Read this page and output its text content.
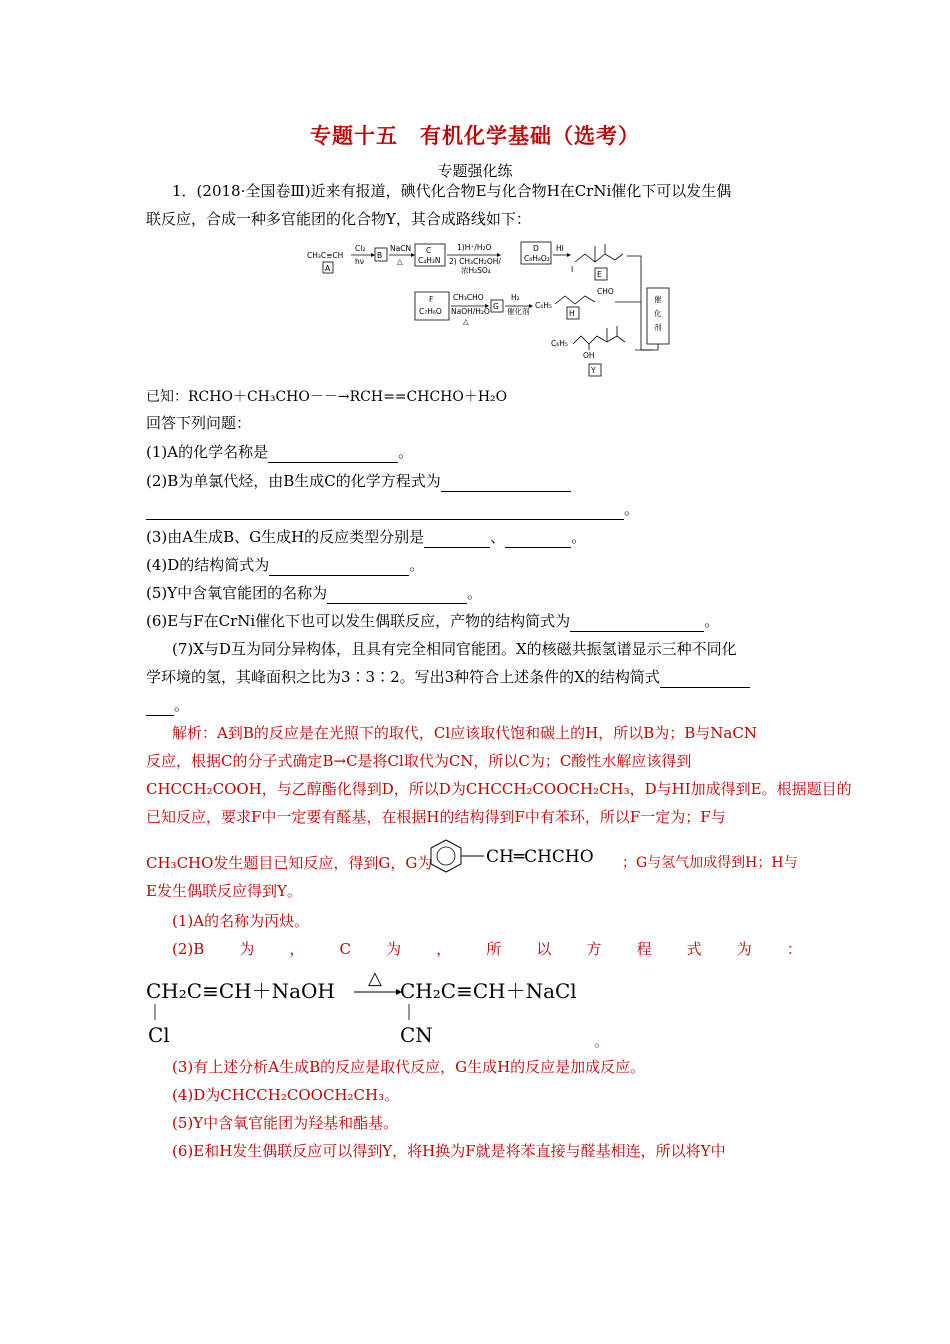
专题十五　有机化学基础（选考）
专题强化练
1．(2018·全国卷Ⅲ)近来有报道，碘代化合物E与化合物H在CrNi催化下可以发生偶
联反应，合成一种多官能团的化合物Y，其合成路线如下：
CH₃C≡CH
A
Cl₂
hν
B
NaCN
△
C
C₄H₃N
1)H⁺/H₂O
2) CH₃CH₂OH/
浓H₂SO₄
D
C₆H₈O₂
HI
I
E
F
C₇H₆O
CH₃CHO
NaOH/H₂O
△
G
H₂
催化剂
C₆H₅
CHO
H
C₆H₅
OH
Y
催
化
剂
已知：RCHO＋CH₃CHO－－→RCH==CHCHO＋H₂O
回答下列问题：
(1)A的化学名称是	。
(2)B为单氯代烃，由B生成C的化学方程式为
。
(3)由A生成B、G生成H的反应类型分别是	、	。
(4)D的结构简式为	。
(5)Y中含氧官能团的名称为	。
(6)E与F在CrNi催化下也可以发生偶联反应，产物的结构简式为	。
(7)X与D互为同分异构体，且具有完全相同官能团。X的核磁共振氢谱显示三种不同化
学环境的氢，其峰面积之比为3∶3∶2。写出3种符合上述条件的X的结构简式
。
解析：A到B的反应是在光照下的取代，Cl应该取代饱和碳上的H，所以B为；B与NaCN
反应，根据C的分子式确定B→C是将Cl取代为CN，所以C为；C酸性水解应该得到
CHCCH₂COOH，与乙醇酯化得到D，所以D为CHCCH₂COOCH₂CH₃，D与HI加成得到E。根据题目的
已知反应，要求F中一定要有醛基，在根据H的结构得到F中有苯环，所以F一定为；F与
CH₃CHO发生题目已知反应，得到G，G为	CH═CHCHO ；G与氢气加成得到H；H与
E发生偶联反应得到Y。
(1)A的名称为丙炔。
(2)B 为 ， C 为 ， 所 以 方 程 式 为 ：
CH₂C≡CH＋NaOH
Cl
△
CH₂C≡CH＋NaCl
CN	。
(3)有上述分析A生成B的反应是取代反应，G生成H的反应是加成反应。
(4)D为CHCCH₂COOCH₂CH₃。
(5)Y中含氧官能团为羟基和酯基。
(6)E和H发生偶联反应可以得到Y，将H换为F就是将苯直接与醛基相连，所以将Y中
